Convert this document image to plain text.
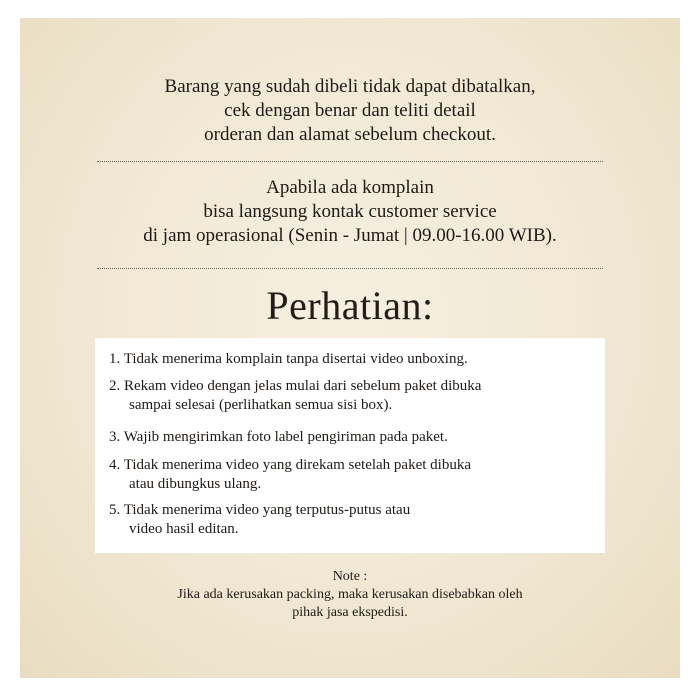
Barang yang sudah dibeli tidak dapat dibatalkan,
cek dengan benar dan teliti detail
orderan dan alamat sebelum checkout.
Apabila ada komplain
bisa langsung kontak customer service
di jam operasional (Senin - Jumat | 09.00-16.00 WIB).
Perhatian:
1. Tidak menerima komplain tanpa disertai video unboxing.
2. Rekam video dengan jelas mulai dari sebelum paket dibuka
sampai selesai (perlihatkan semua sisi box).
3. Wajib mengirimkan foto label pengiriman pada paket.
4. Tidak menerima video yang direkam setelah paket dibuka
atau dibungkus ulang.
5. Tidak menerima video yang terputus-putus atau
video hasil editan.
Note :
Jika ada kerusakan packing, maka kerusakan disebabkan oleh
pihak jasa ekspedisi.
